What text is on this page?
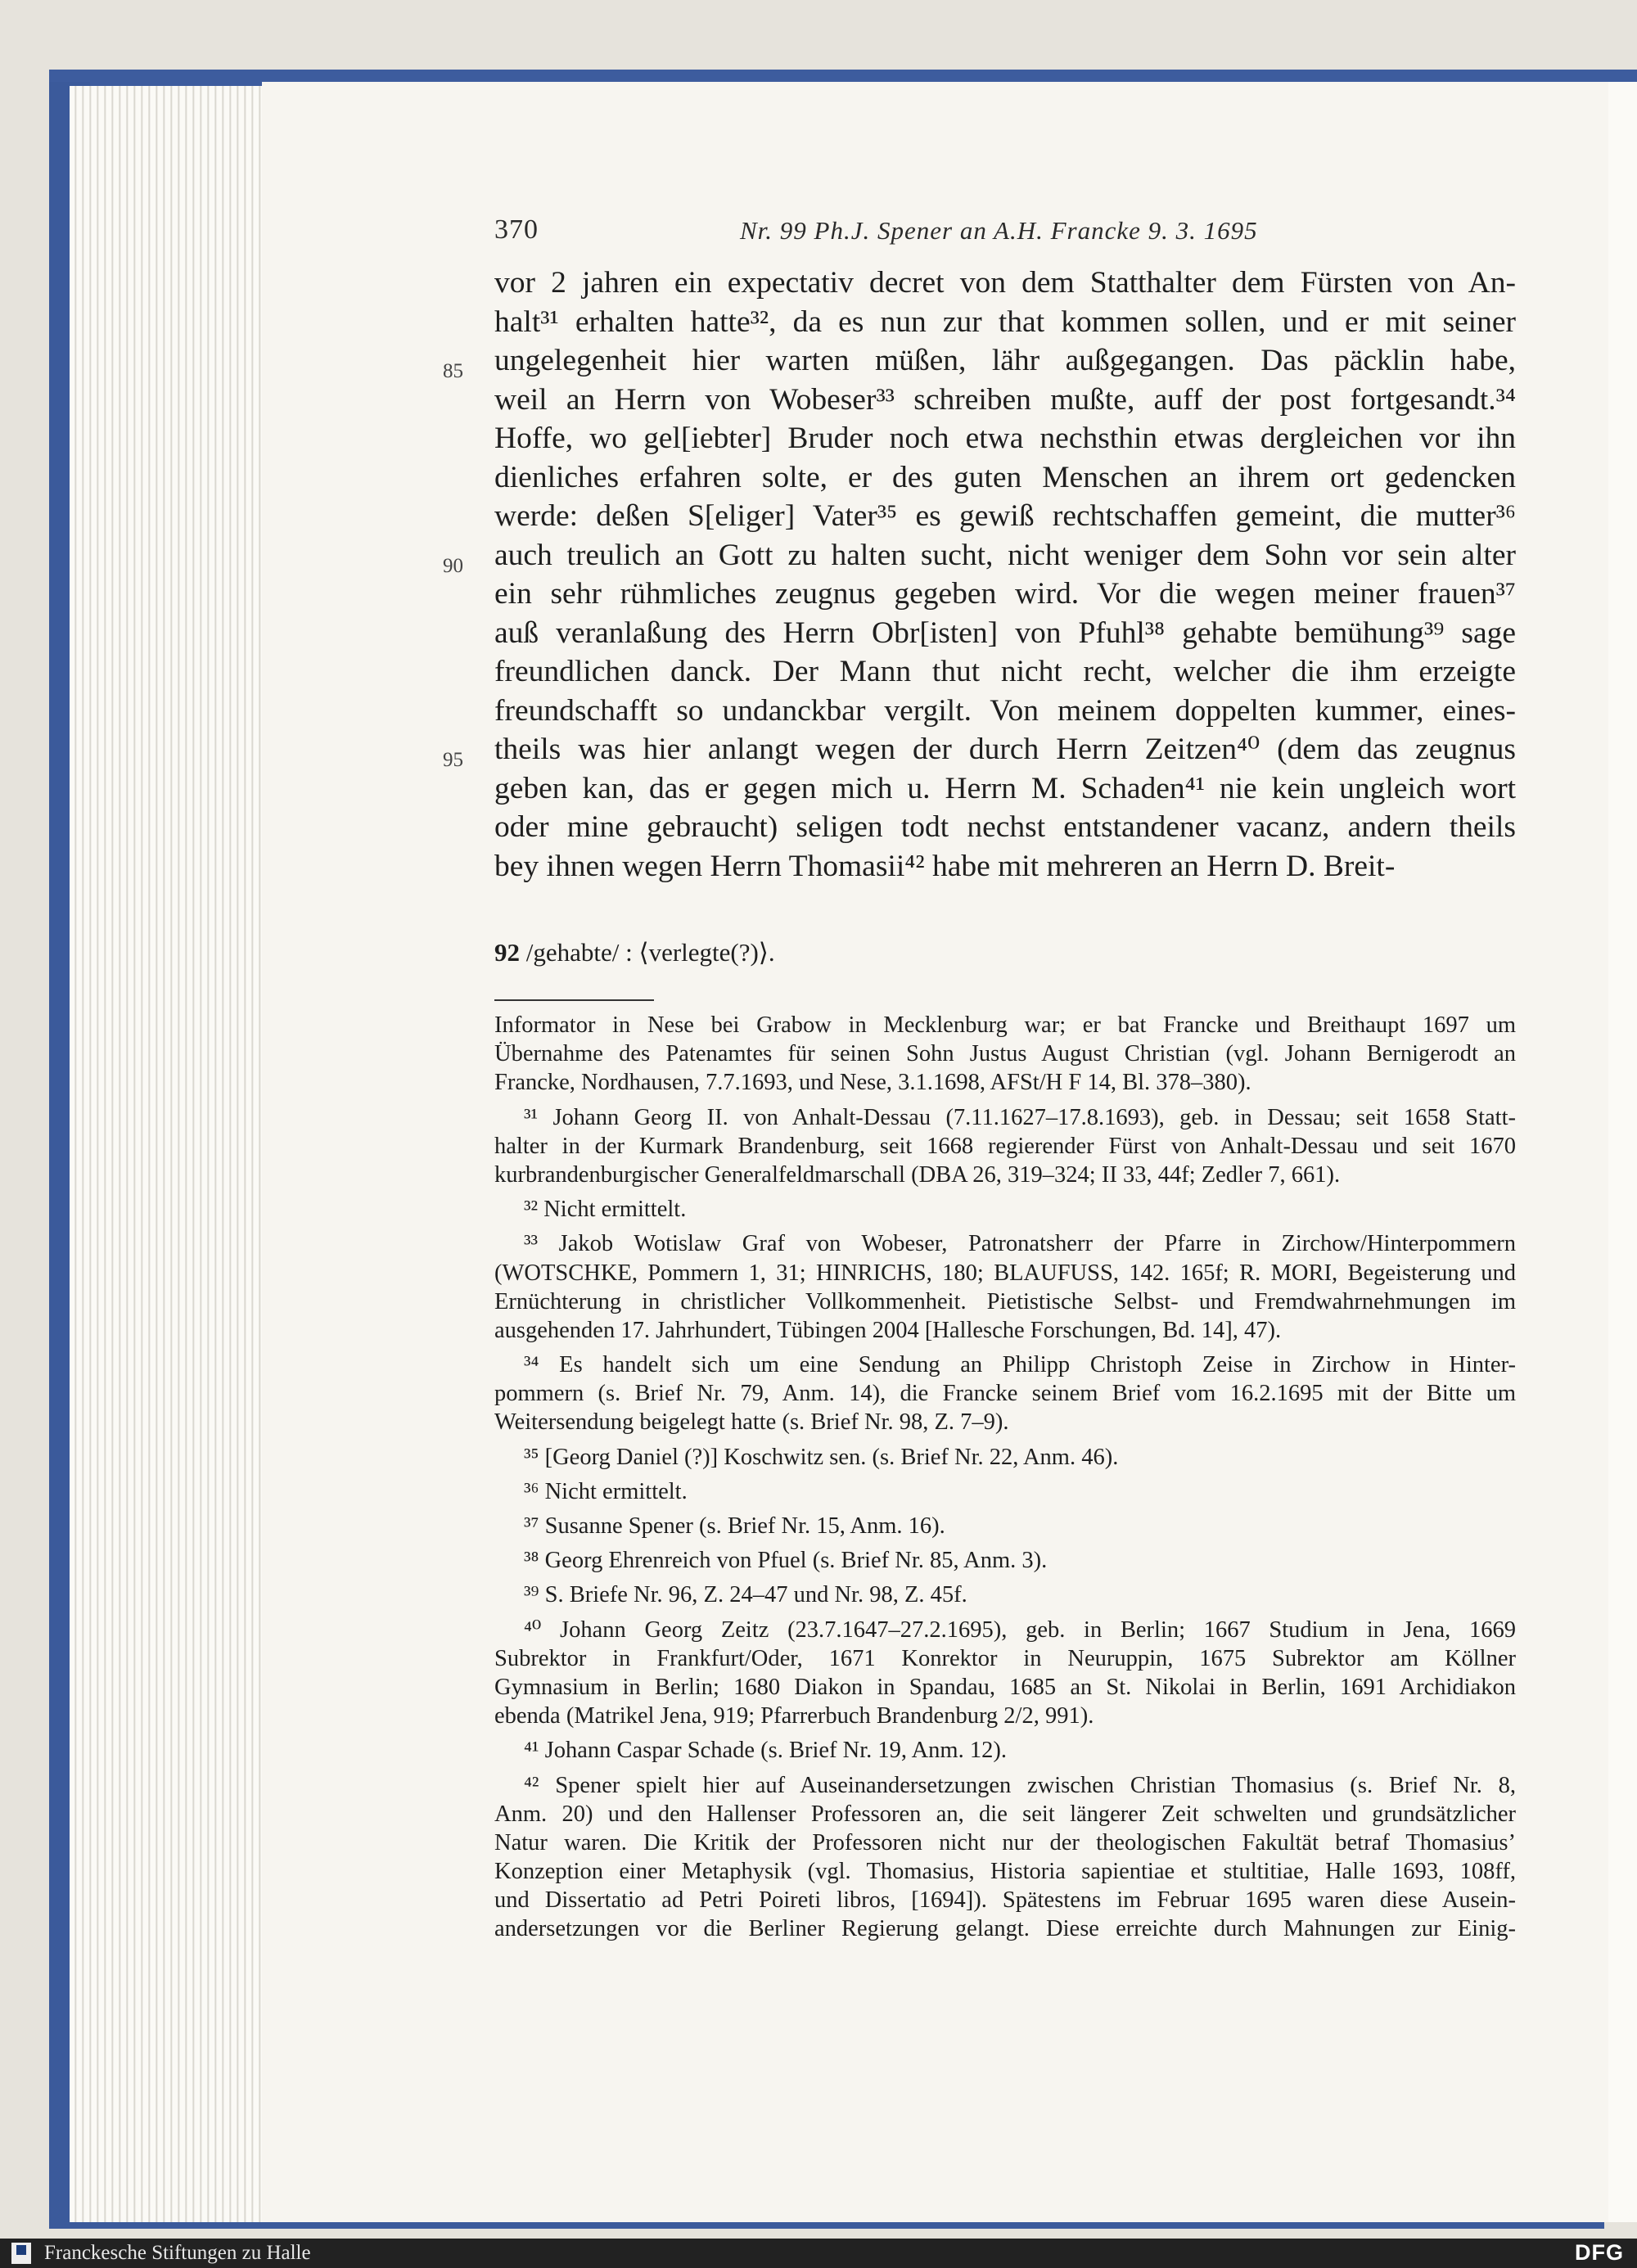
370	Nr. 99 Ph.J. Spener an A.H. Francke 9. 3. 1695
vor 2 jahren ein expectativ decret von dem Statthalter dem Fürsten von An-
halt³¹ erhalten hatte³², da es nun zur that kommen sollen, und er mit seiner
ungelegenheit hier warten müßen, lähr außgegangen. Das päcklin habe,
weil an Herrn von Wobeser³³ schreiben mußte, auff der post fortgesandt.³⁴
Hoffe, wo gel[iebter] Bruder noch etwa nechsthin etwas dergleichen vor ihn
dienliches erfahren solte, er des guten Menschen an ihrem ort gedencken
werde: deßen S[eliger] Vater³⁵ es gewiß rechtschaffen gemeint, die mutter³⁶
auch treulich an Gott zu halten sucht, nicht weniger dem Sohn vor sein alter
ein sehr rühmliches zeugnus gegeben wird. Vor die wegen meiner frauen³⁷
auß veranlaßung des Herrn Obr[isten] von Pfuhl³⁸ gehabte bemühung³⁹ sage
freundlichen danck. Der Mann thut nicht recht, welcher die ihm erzeigte
freundschafft so undanckbar vergilt. Von meinem doppelten kummer, eines-
theils was hier anlangt wegen der durch Herrn Zeitzen⁴⁰ (dem das zeugnus
geben kan, das er gegen mich u. Herrn M. Schaden⁴¹ nie kein ungleich wort
oder mine gebraucht) seligen todt nechst entstandener vacanz, andern theils
bey ihnen wegen Herrn Thomasii⁴² habe mit mehreren an Herrn D. Breit-
85
90
95
92 /gehabte/ : ⟨verlegte(?)⟩.
Informator in Nese bei Grabow in Mecklenburg war; er bat Francke und Breithaupt 1697 um
Übernahme des Patenamtes für seinen Sohn Justus August Christian (vgl. Johann Bernigerodt an
Francke, Nordhausen, 7.7.1693, und Nese, 3.1.1698, AFSt/H F 14, Bl. 378–380).
³¹ Johann Georg II. von Anhalt-Dessau (7.11.1627–17.8.1693), geb. in Dessau; seit 1658 Statt-
halter in der Kurmark Brandenburg, seit 1668 regierender Fürst von Anhalt-Dessau und seit 1670
kurbrandenburgischer Generalfeldmarschall (DBA 26, 319–324; II 33, 44f; Zedler 7, 661).
³² Nicht ermittelt.
³³ Jakob Wotislaw Graf von Wobeser, Patronatsherr der Pfarre in Zirchow/Hinterpommern
(WOTSCHKE, Pommern 1, 31; HINRICHS, 180; BLAUFUSS, 142. 165f; R. MORI, Begeisterung und
Ernüchterung in christlicher Vollkommenheit. Pietistische Selbst- und Fremdwahrnehmungen im
ausgehenden 17. Jahrhundert, Tübingen 2004 [Hallesche Forschungen, Bd. 14], 47).
³⁴ Es handelt sich um eine Sendung an Philipp Christoph Zeise in Zirchow in Hinter-
pommern (s. Brief Nr. 79, Anm. 14), die Francke seinem Brief vom 16.2.1695 mit der Bitte um
Weitersendung beigelegt hatte (s. Brief Nr. 98, Z. 7–9).
³⁵ [Georg Daniel (?)] Koschwitz sen. (s. Brief Nr. 22, Anm. 46).
³⁶ Nicht ermittelt.
³⁷ Susanne Spener (s. Brief Nr. 15, Anm. 16).
³⁸ Georg Ehrenreich von Pfuel (s. Brief Nr. 85, Anm. 3).
³⁹ S. Briefe Nr. 96, Z. 24–47 und Nr. 98, Z. 45f.
⁴⁰ Johann Georg Zeitz (23.7.1647–27.2.1695), geb. in Berlin; 1667 Studium in Jena, 1669
Subrektor in Frankfurt/Oder, 1671 Konrektor in Neuruppin, 1675 Subrektor am Köllner
Gymnasium in Berlin; 1680 Diakon in Spandau, 1685 an St. Nikolai in Berlin, 1691 Archidiakon
ebenda (Matrikel Jena, 919; Pfarrerbuch Brandenburg 2/2, 991).
⁴¹ Johann Caspar Schade (s. Brief Nr. 19, Anm. 12).
⁴² Spener spielt hier auf Auseinandersetzungen zwischen Christian Thomasius (s. Brief Nr. 8,
Anm. 20) und den Hallenser Professoren an, die seit längerer Zeit schwelten und grundsätzlicher
Natur waren. Die Kritik der Professoren nicht nur der theologischen Fakultät betraf Thomasius’
Konzeption einer Metaphysik (vgl. Thomasius, Historia sapientiae et stultitiae, Halle 1693, 108ff,
und Dissertatio ad Petri Poireti libros, [1694]). Spätestens im Februar 1695 waren diese Ausein-
andersetzungen vor die Berliner Regierung gelangt. Diese erreichte durch Mahnungen zur Einig-
Franckesche Stiftungen zu Halle	DFG
